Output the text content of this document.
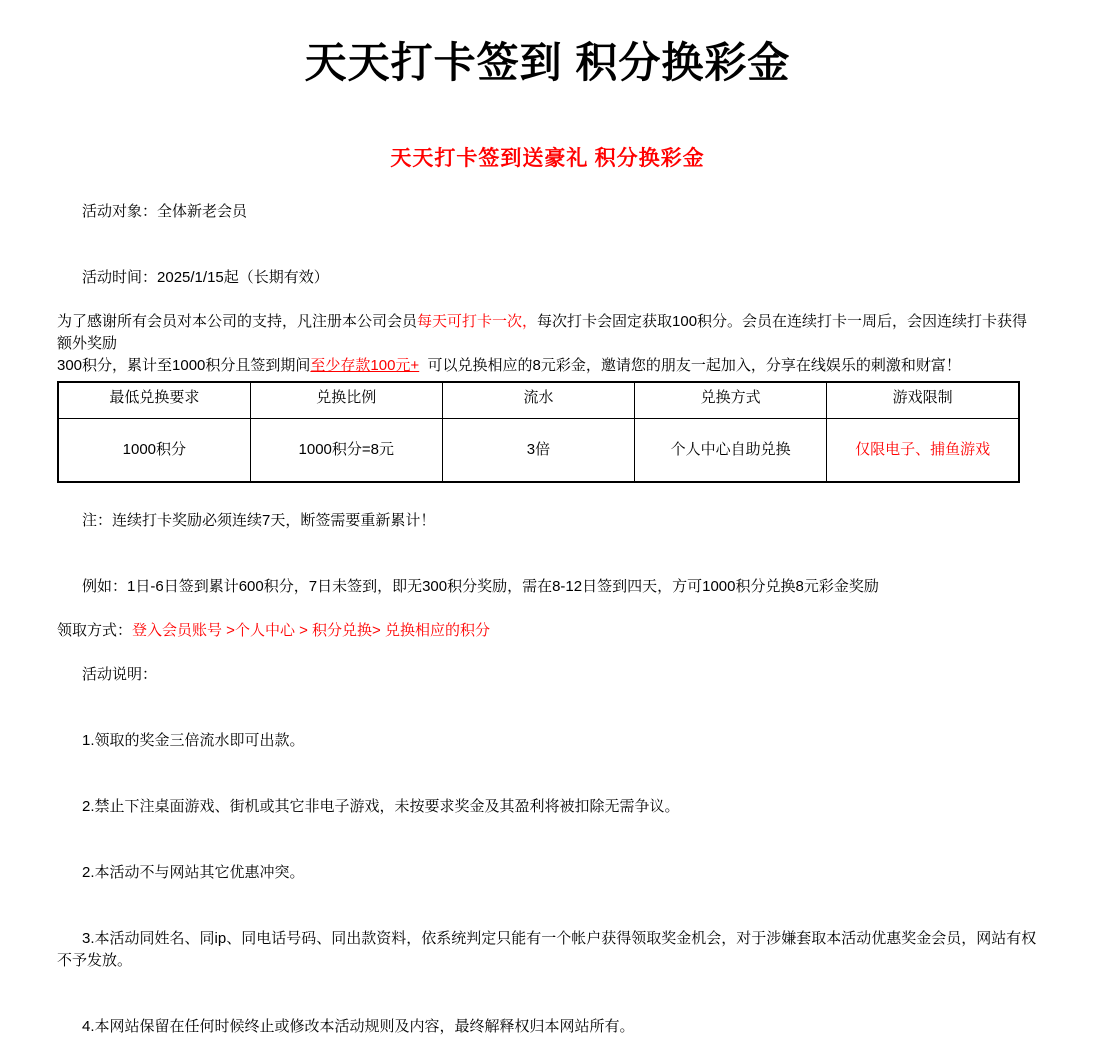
天天打卡签到 积分换彩金
天天打卡签到送豪礼 积分换彩金

活动对象：全体新老会员

活动时间：2025/1/15起（长期有效）

为了感谢所有会员对本公司的支持，凡注册本公司会员每天可打卡一次，每次打卡会固定获取100积分。会员在连续打卡一周后，会因连续打卡获得额外奖励

300积分，累计至1000积分且签到期间至少存款100元+  可以兑换相应的8元彩金，邀请您的朋友一起加入，分享在线娱乐的刺激和财富！

最低兑换要求	兑换比例	流水	兑换方式	游戏限制
1000积分	1000积分=8元	3倍	个人中心自助兑换	仅限电子、捕鱼游戏

注：连续打卡奖励必须连续7天，断签需要重新累计！

例如：1日-6日签到累计600积分，7日未签到，即无300积分奖励，需在8-12日签到四天，方可1000积分兑换8元彩金奖励

领取方式：登入会员账号 >个人中心 > 积分兑换> 兑换相应的积分

活动说明：

1.领取的奖金三倍流水即可出款。

2.禁止下注桌面游戏、街机或其它非电子游戏，未按要求奖金及其盈利将被扣除无需争议。

2.本活动不与网站其它优惠冲突。

3.本活动同姓名、同ip、同电话号码、同出款资料，依系统判定只能有一个帐户获得领取奖金机会，对于涉嫌套取本活动优惠奖金会员，网站有权不予发放。

4.本网站保留在任何时候终止或修改本活动规则及内容，最终解释权归本网站所有。
